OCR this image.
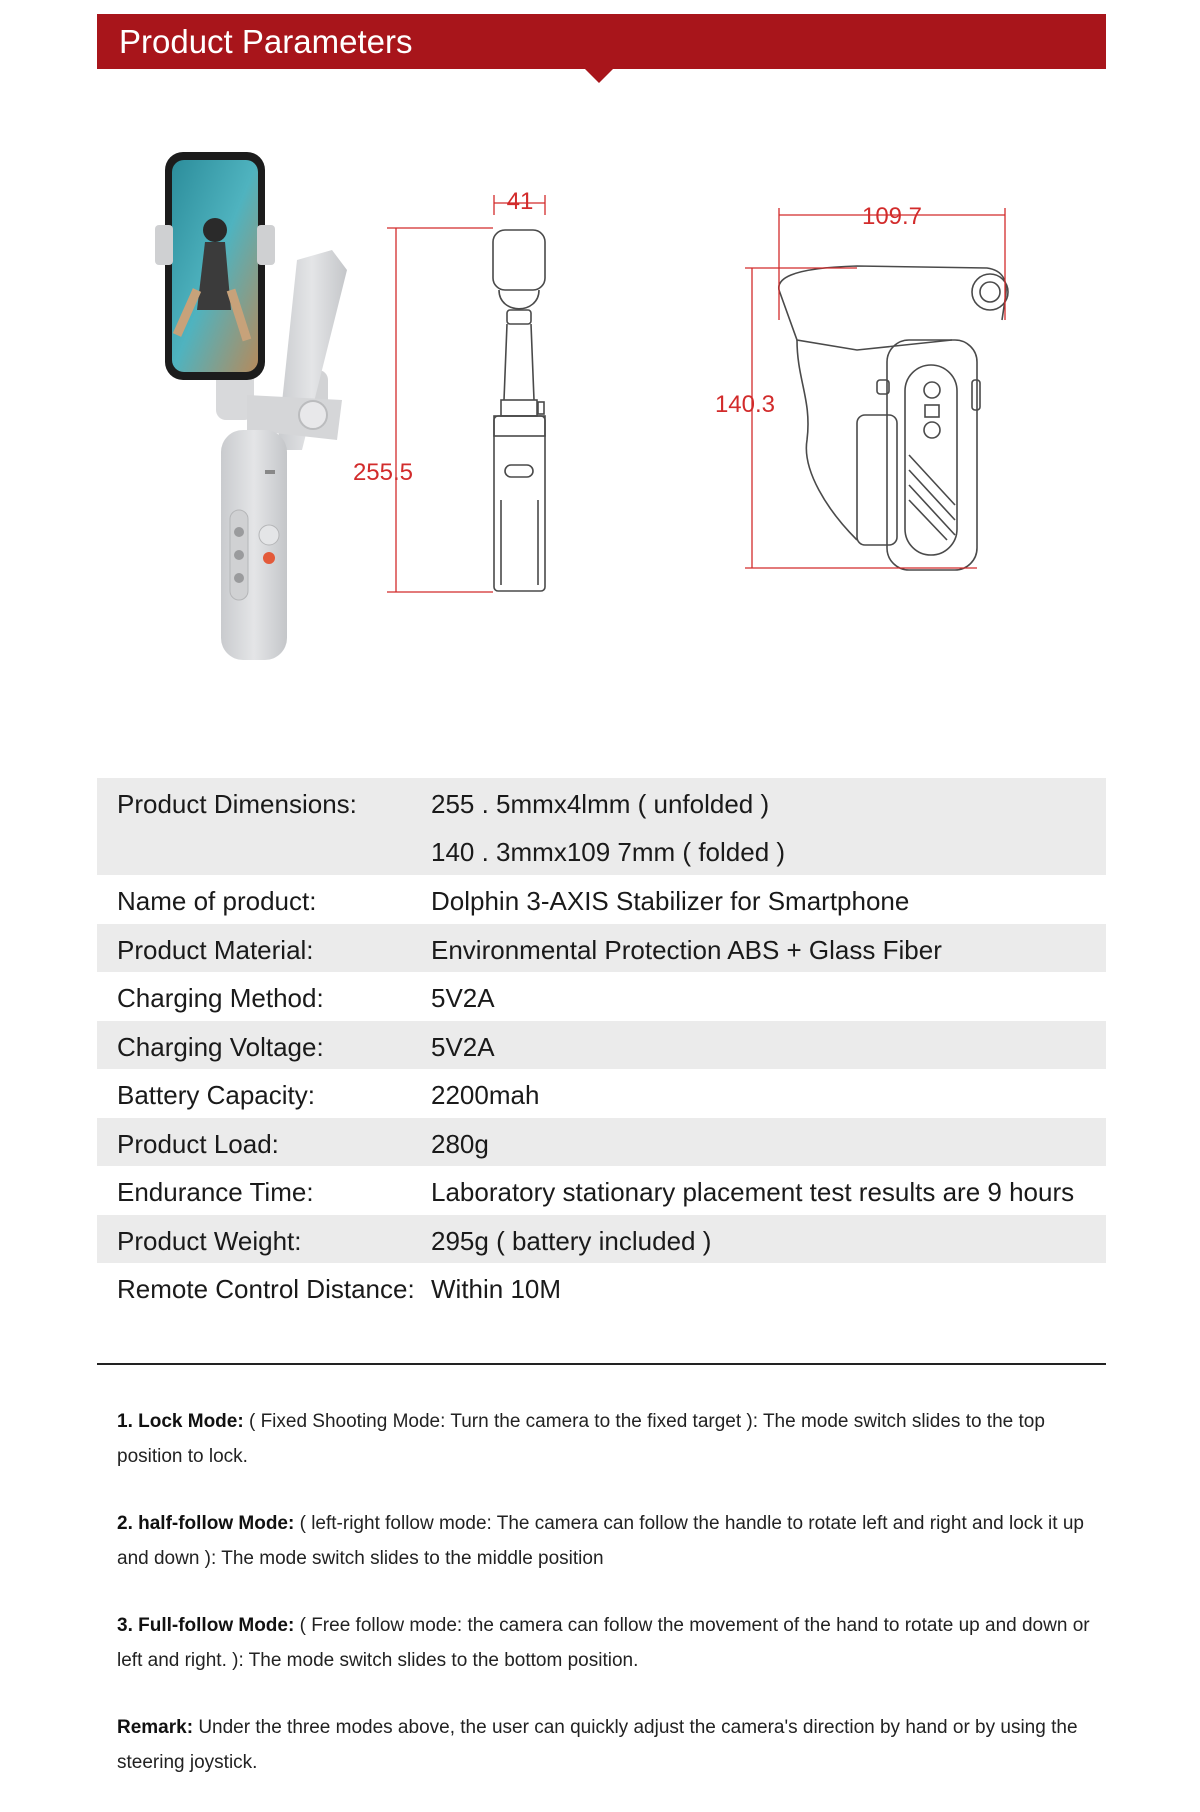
Product Parameters
41
255.5
109.7
140.3
Product Dimensions:	255 . 5mmx4lmm ( unfolded )
140 . 3mmx109 7mm ( folded )
Name of product:	Dolphin 3-AXIS Stabilizer for Smartphone
Product Material:	Environmental Protection ABS + Glass Fiber
Charging Method:	5V2A
Charging Voltage:	5V2A
Battery Capacity:	2200mah
Product Load:	280g
Endurance Time:	Laboratory stationary placement test results are 9 hours
Product Weight:	295g ( battery included )
Remote Control Distance: Within 10M

1. Lock Mode: ( Fixed Shooting Mode: Turn the camera to the fixed target ): The mode switch slides to the top position to lock.

2. half-follow Mode: ( left-right follow mode: The camera can follow the handle to rotate left and right and lock it up and down ): The mode switch slides to the middle position

3. Full-follow Mode: ( Free follow mode: the camera can follow the movement of the hand to rotate up and down or left and right. ): The mode switch slides to the bottom position.

Remark: Under the three modes above, the user can quickly adjust the camera's direction by hand or by using the steering joystick.
